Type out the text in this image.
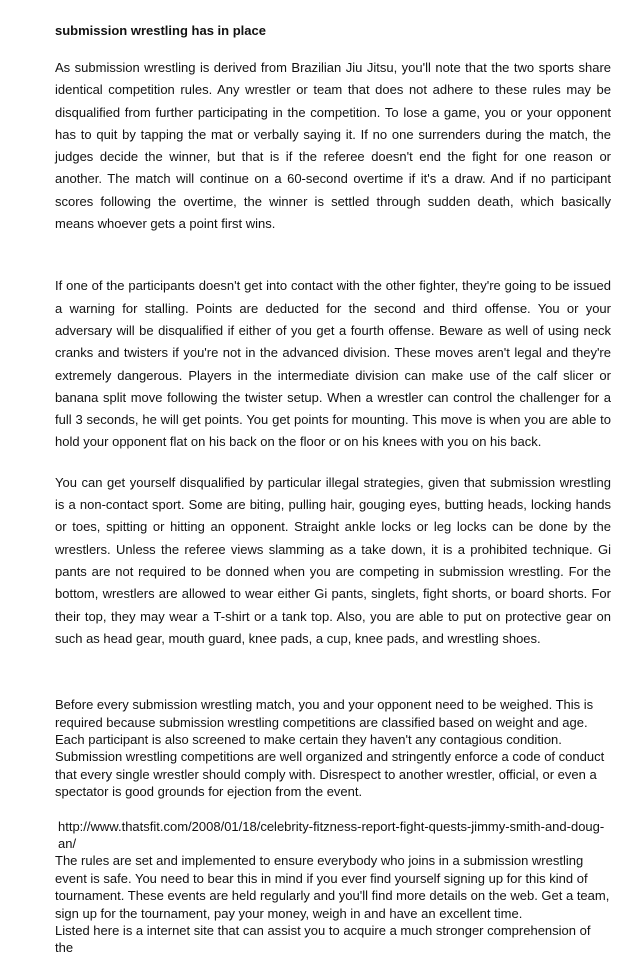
submission wrestling has in place

As submission wrestling is derived from Brazilian Jiu Jitsu, you'll note that the two sports share identical competition rules. Any wrestler or team that does not adhere to these rules may be disqualified from further participating in the competition. To lose a game, you or your opponent has to quit by tapping the mat or verbally saying it. If no one surrenders during the match, the judges decide the winner, but that is if the referee doesn't end the fight for one reason or another. The match will continue on a 60-second overtime if it's a draw. And if no participant scores following the overtime, the winner is settled through sudden death, which basically means whoever gets a point first wins.

If one of the participants doesn't get into contact with the other fighter, they're going to be issued a warning for stalling. Points are deducted for the second and third offense. You or your adversary will be disqualified if either of you get a fourth offense. Beware as well of using neck cranks and twisters if you're not in the advanced division. These moves aren't legal and they're extremely dangerous. Players in the intermediate division can make use of the calf slicer or banana split move following the twister setup. When a wrestler can control the challenger for a full 3 seconds, he will get points. You get points for mounting. This move is when you are able to hold your opponent flat on his back on the floor or on his knees with you on his back.

You can get yourself disqualified by particular illegal strategies, given that submission wrestling is a non-contact sport. Some are biting, pulling hair, gouging eyes, butting heads, locking hands or toes, spitting or hitting an opponent. Straight ankle locks or leg locks can be done by the wrestlers. Unless the referee views slamming as a take down, it is a prohibited technique. Gi pants are not required to be donned when you are competing in submission wrestling. For the bottom, wrestlers are allowed to wear either Gi pants, singlets, fight shorts, or board shorts. For their top, they may wear a T-shirt or a tank top. Also, you are able to put on protective gear on such as head gear, mouth guard, knee pads, a cup, knee pads, and wrestling shoes.

Before every submission wrestling match, you and your opponent need to be weighed. This is
required because submission wrestling competitions are classified based on weight and age.
Each participant is also screened to make certain they haven't any contagious condition.
Submission wrestling competitions are well organized and stringently enforce a code of conduct
that every single wrestler should comply with. Disrespect to another wrestler, official, or even a
spectator is good grounds for ejection from the event.

http://www.thatsfit.com/2008/01/18/celebrity-fitzness-report-fight-quests-jimmy-smith-and-doug-an/

The rules are set and implemented to ensure everybody who joins in a submission wrestling
event is safe. You need to bear this in mind if you ever find yourself signing up for this kind of
tournament. These events are held regularly and you'll find more details on the web. Get a team,
sign up for the tournament, pay your money, weigh in and have an excellent time.
Listed here is a internet site that can assist you to acquire a much stronger comprehension of the
